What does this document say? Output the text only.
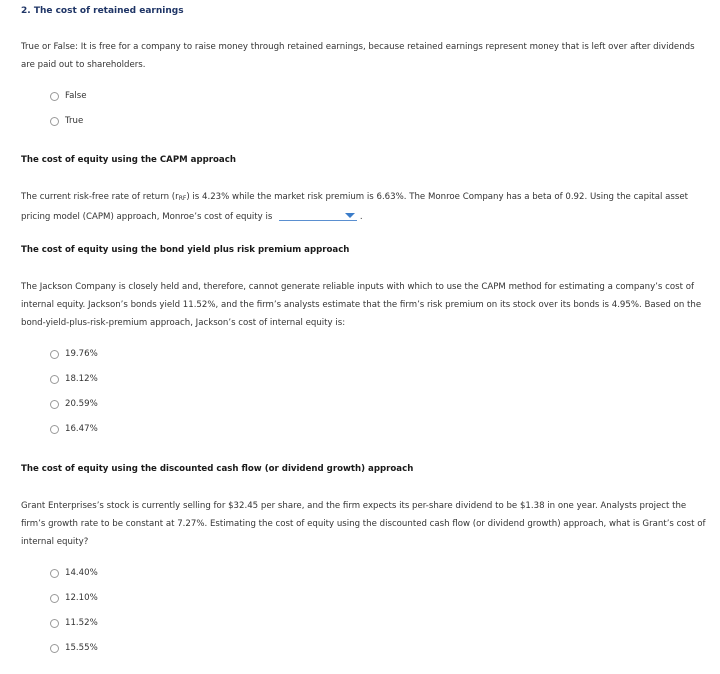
2. The cost of retained earnings
True or False: It is free for a company to raise money through retained earnings, because retained earnings represent money that is left over after dividends are paid out to shareholders.
False
True
The cost of equity using the CAPM approach
The current risk-free rate of return (rRF) is 4.23% while the market risk premium is 6.63%. The Monroe Company has a beta of 0.92. Using the capital asset pricing model (CAPM) approach, Monroe’s cost of equity is	.
The cost of equity using the bond yield plus risk premium approach
The Jackson Company is closely held and, therefore, cannot generate reliable inputs with which to use the CAPM method for estimating a company’s cost of internal equity. Jackson’s bonds yield 11.52%, and the firm’s analysts estimate that the firm’s risk premium on its stock over its bonds is 4.95%. Based on the bond-yield-plus-risk-premium approach, Jackson’s cost of internal equity is:
19.76%
18.12%
20.59%
16.47%
The cost of equity using the discounted cash flow (or dividend growth) approach
Grant Enterprises’s stock is currently selling for $32.45 per share, and the firm expects its per-share dividend to be $1.38 in one year. Analysts project the firm’s growth rate to be constant at 7.27%. Estimating the cost of equity using the discounted cash flow (or dividend growth) approach, what is Grant’s cost of internal equity?
14.40%
12.10%
11.52%
15.55%
